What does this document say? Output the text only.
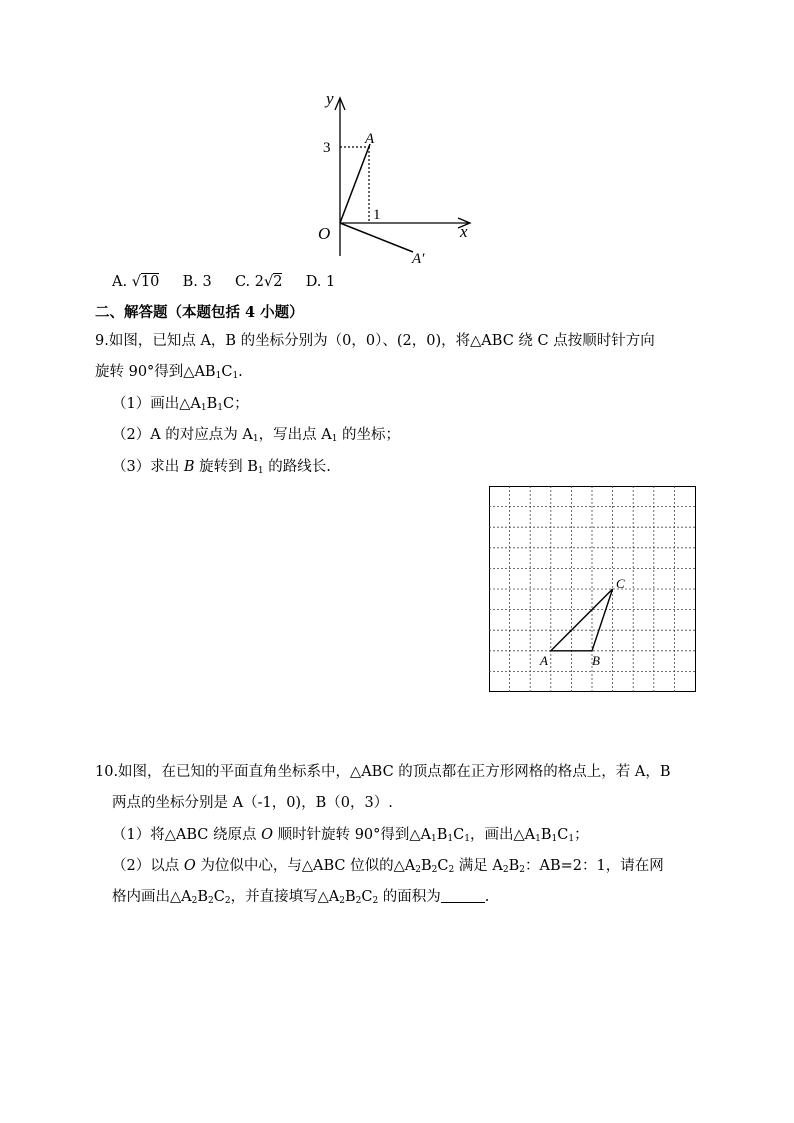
y
x
O
3
1
A
A′
A. √10 B. 3 C. 2√2 D. 1
二、解答题（本题包括 4 小题）
9.如图，已知点 A，B 的坐标分别为（0，0）、(2，0)，将△ABC 绕 C 点按顺时针方向
旋转 90°得到$\triangle AB_1C_1$.
（1）画出$\triangle A_1B_1C$；
（2）A 的对应点为 $A_1$，写出点 $A_1$ 的坐标；
（3）求出 B 旋转到 $B_1$ 的路线长.
A	B
C
10.如图，在已知的平面直角坐标系中，△ABC 的顶点都在正方形网格的格点上，若 A，B
两点的坐标分别是 A（-1，0)，B（0，3）.
（1）将△ABC 绕原点 O 顺时针旋转 90°得到$\triangle A_1B_1C_1$，画出$\triangle A_1B_1C_1$；
（2）以点 O 为位似中心，与△ABC 位似的$\triangle A_2B_2C_2$ 满足 $A_2B_2$：AB=2：1，请在网
格内画出$\triangle A_2B_2C_2$，并直接填写$\triangle A_2B_2C_2$ 的面积为	.
